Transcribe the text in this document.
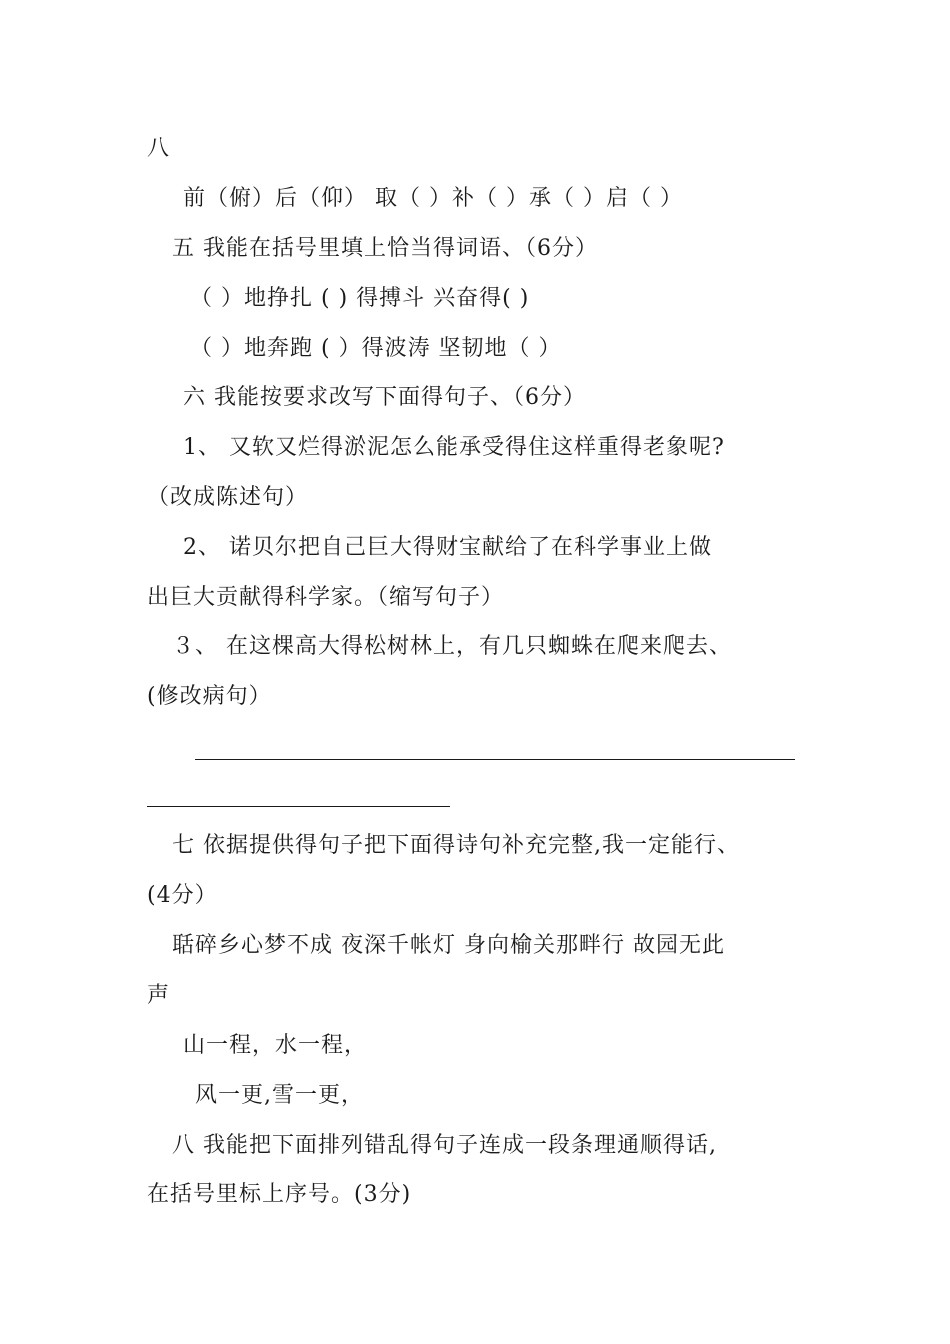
八
前（俯）后（仰） 取（ ）补（ ）承（ ）启（ ）
五 我能在括号里填上恰当得词语、（6分）
（ ）地挣扎 ( ) 得搏斗 兴奋得( )
（ ）地奔跑 ( ）得波涛 坚韧地（ ）
六 我能按要求改写下面得句子、（6分）
1、 又软又烂得淤泥怎么能承受得住这样重得老象呢?
（改成陈述句）
2、 诺贝尔把自己巨大得财宝献给了在科学事业上做
出巨大贡献得科学家。（缩写句子）
３、 在这棵高大得松树林上，有几只蜘蛛在爬来爬去、
(修改病句）
七 依据提供得句子把下面得诗句补充完整,我一定能行、
(4分）
聒碎乡心梦不成 夜深千帐灯 身向榆关那畔行 故园无此
声
山一程，水一程，
风一更,雪一更，
八 我能把下面排列错乱得句子连成一段条理通顺得话,
在括号里标上序号。(3分)
